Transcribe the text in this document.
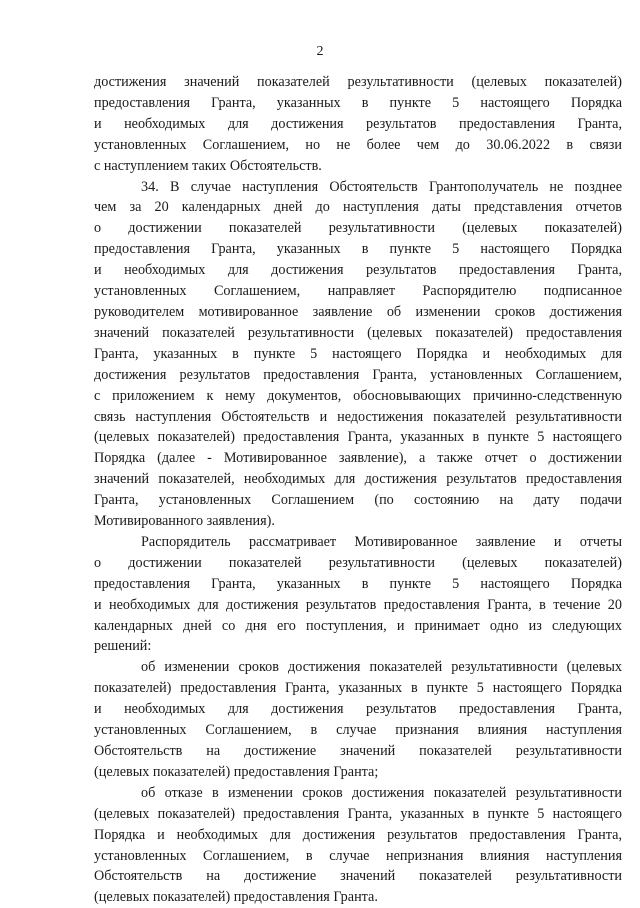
2

достижения значений показателей результативности (целевых показателей)
предоставления Гранта, указанных в пункте 5 настоящего Порядка
и необходимых для достижения результатов предоставления Гранта,
установленных Соглашением, но не более чем до 30.06.2022 в связи
с наступлением таких Обстоятельств.

34. В случае наступления Обстоятельств Грантополучатель не позднее
чем за 20 календарных дней до наступления даты представления отчетов
о достижении показателей результативности (целевых показателей)
предоставления Гранта, указанных в пункте 5 настоящего Порядка
и необходимых для достижения результатов предоставления Гранта,
установленных Соглашением, направляет Распорядителю подписанное
руководителем мотивированное заявление об изменении сроков достижения
значений показателей результативности (целевых показателей) предоставления
Гранта, указанных в пункте 5 настоящего Порядка и необходимых для
достижения результатов предоставления Гранта, установленных Соглашением,
с приложением к нему документов, обосновывающих причинно-следственную
связь наступления Обстоятельств и недостижения показателей результативности
(целевых показателей) предоставления Гранта, указанных в пункте 5 настоящего
Порядка (далее - Мотивированное заявление), а также отчет о достижении
значений показателей, необходимых для достижения результатов предоставления
Гранта, установленных Соглашением (по состоянию на дату подачи
Мотивированного заявления).

Распорядитель рассматривает Мотивированное заявление и отчеты
о достижении показателей результативности (целевых показателей)
предоставления Гранта, указанных в пункте 5 настоящего Порядка
и необходимых для достижения результатов предоставления Гранта, в течение 20
календарных дней со дня его поступления, и принимает одно из следующих
решений:

об изменении сроков достижения показателей результативности (целевых
показателей) предоставления Гранта, указанных в пункте 5 настоящего Порядка
и необходимых для достижения результатов предоставления Гранта,
установленных Соглашением, в случае признания влияния наступления
Обстоятельств на достижение значений показателей результативности
(целевых показателей) предоставления Гранта;

об отказе в изменении сроков достижения показателей результативности
(целевых показателей) предоставления Гранта, указанных в пункте 5 настоящего
Порядка и необходимых для достижения результатов предоставления Гранта,
установленных Соглашением, в случае непризнания влияния наступления
Обстоятельств на достижение значений показателей результативности
(целевых показателей) предоставления Гранта.
